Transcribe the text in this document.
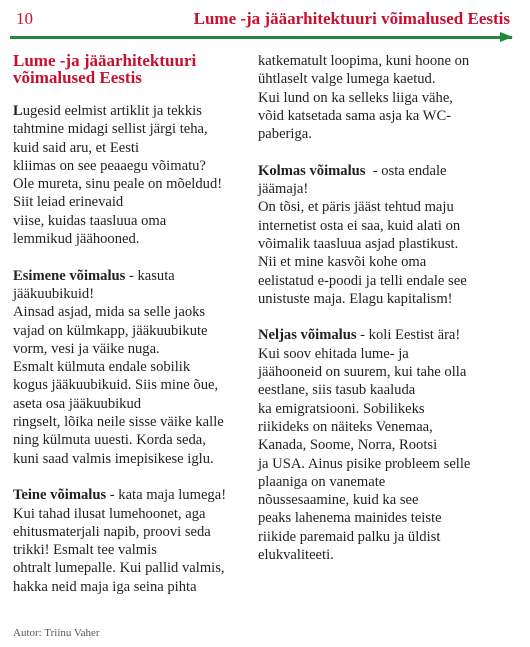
10	Lume -ja jääarhitektuuri võimalused Eestis
Lume -ja jääarhitektuuri
võimalused Eestis
Lugesid eelmist artiklit ja tekkis
tahtmine midagi sellist järgi teha,
kuid said aru, et Eesti
kliimas on see peaaegu võimatu?
Ole mureta, sinu peale on mõeldud!
Siit leiad erinevaid
viise, kuidas taasluua oma
lemmikud jäähooned.
Esimene võimalus - kasuta
jääkuubikuid!
Ainsad asjad, mida sa selle jaoks
vajad on külmkapp, jääkuubikute
vorm, vesi ja väike nuga.
Esmalt külmuta endale sobilik
kogus jääkuubikuid. Siis mine õue,
aseta osa jääkuubikud
ringselt, lõika neile sisse väike kalle
ning külmuta uuesti. Korda seda,
kuni saad valmis imepisikese iglu.
Teine võimalus - kata maja lumega!
Kui tahad ilusat lumehoonet, aga
ehitusmaterjali napib, proovi seda
trikki! Esmalt tee valmis
ohtralt lumepalle. Kui pallid valmis,
hakka neid maja iga seina pihta
katkematult loopima, kuni hoone on
ühtlaselt valge lumega kaetud.
Kui lund on ka selleks liiga vähe,
võid katsetada sama asja ka WC-
paberiga.
Kolmas võimalus  - osta endale
jäämaja!
On tõsi, et päris jääst tehtud maju
internetist osta ei saa, kuid alati on
võimalik taasluua asjad plastikust.
Nii et mine kasvõi kohe oma
eelistatud e-poodi ja telli endale see
unistuste maja. Elagu kapitalism!
Neljas võimalus - koli Eestist ära!
Kui soov ehitada lume- ja
jäähooneid on suurem, kui tahe olla
eestlane, siis tasub kaaluda
ka emigratsiooni. Sobilikeks
riikideks on näiteks Venemaa,
Kanada, Soome, Norra, Rootsi
ja USA. Ainus pisike probleem selle
plaaniga on vanemate
nõussesaamine, kuid ka see
peaks lahenema mainides teiste
riikide paremaid palku ja üldist
elukvaliteeti.
Autor: Triinu Vaher
